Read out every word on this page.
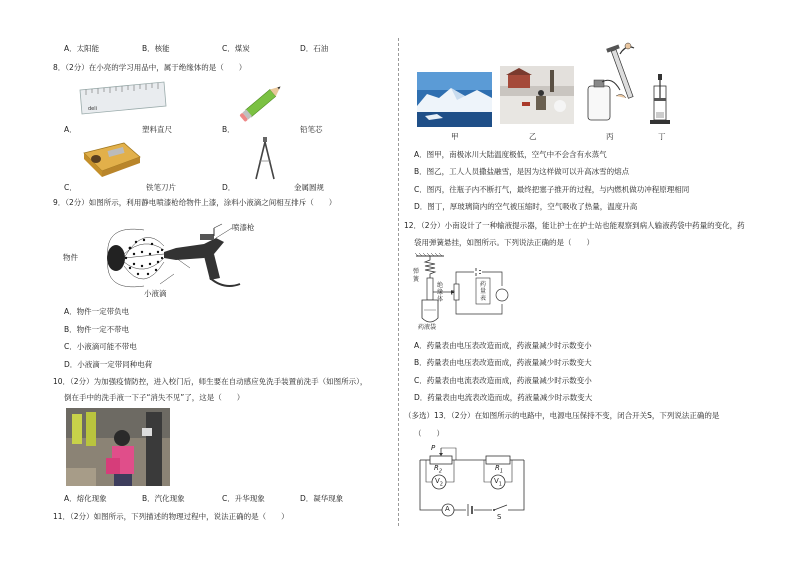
A．太阳能	B．核能	C．煤炭	D．石油
8．（2分）在小亮的学习用品中，属于绝缘体的是（　　）
deli
A．	塑料直尺	B．	铅笔芯
C．	铁笔刀片	D．	金属圆规
9．（2分）如图所示，利用静电喷漆枪给物件上漆，涂料小液滴之间相互排斥（　　）
物件
喷漆枪
小液滴
A．物件一定带负电
B．物件一定不带电
C．小液滴可能不带电
D．小液滴一定带同种电荷
10．（2分）为加强疫情防控，进入校门后，师生要在自动感应免洗手装置前洗手（如图所示），
倒在手中的洗手液一下子“消失不见”了，这是（　　）
A．熔化现象	B．汽化现象	C．升华现象	D．凝华现象
11．（2分）如图所示，下列描述的物理过程中，说法正确的是（　　）
甲	乙	丙	丁
A．图甲，南极冰川大陆温度极低，空气中不会含有水蒸气
B．图乙，工人人员撒盐融雪，是因为这样做可以升高冰雪的熔点
C．图丙，往瓶子内不断打气，最终把塞子推开的过程，与内燃机做功冲程原理相同
D．图丁，厚玻璃筒内的空气被压缩时，空气吸收了热量，温度升高
12．（2分）小南设计了一种输液提示器，能让护士在护士站也能观察到病人输液药袋中药量的变化，药
袋用弹簧悬挂，如图所示。下列说法正确的是（　　）
弹
簧
绝
缘
体
药
量
表
P
药液袋
A．药量表由电压表改造而成，药液量减少时示数变小
B．药量表由电压表改造而成，药液量减少时示数变大
C．药量表由电流表改造而成，药液量减少时示数变小
D．药量表由电流表改造而成，药液量减少时示数变大
（多选）13．（2分）在如图所示的电路中，电源电压保持不变，闭合开关S，下列说法正确的是
（　　）
P
$R_2$	$R_1$
$V_2$	$V_1$
A
S
